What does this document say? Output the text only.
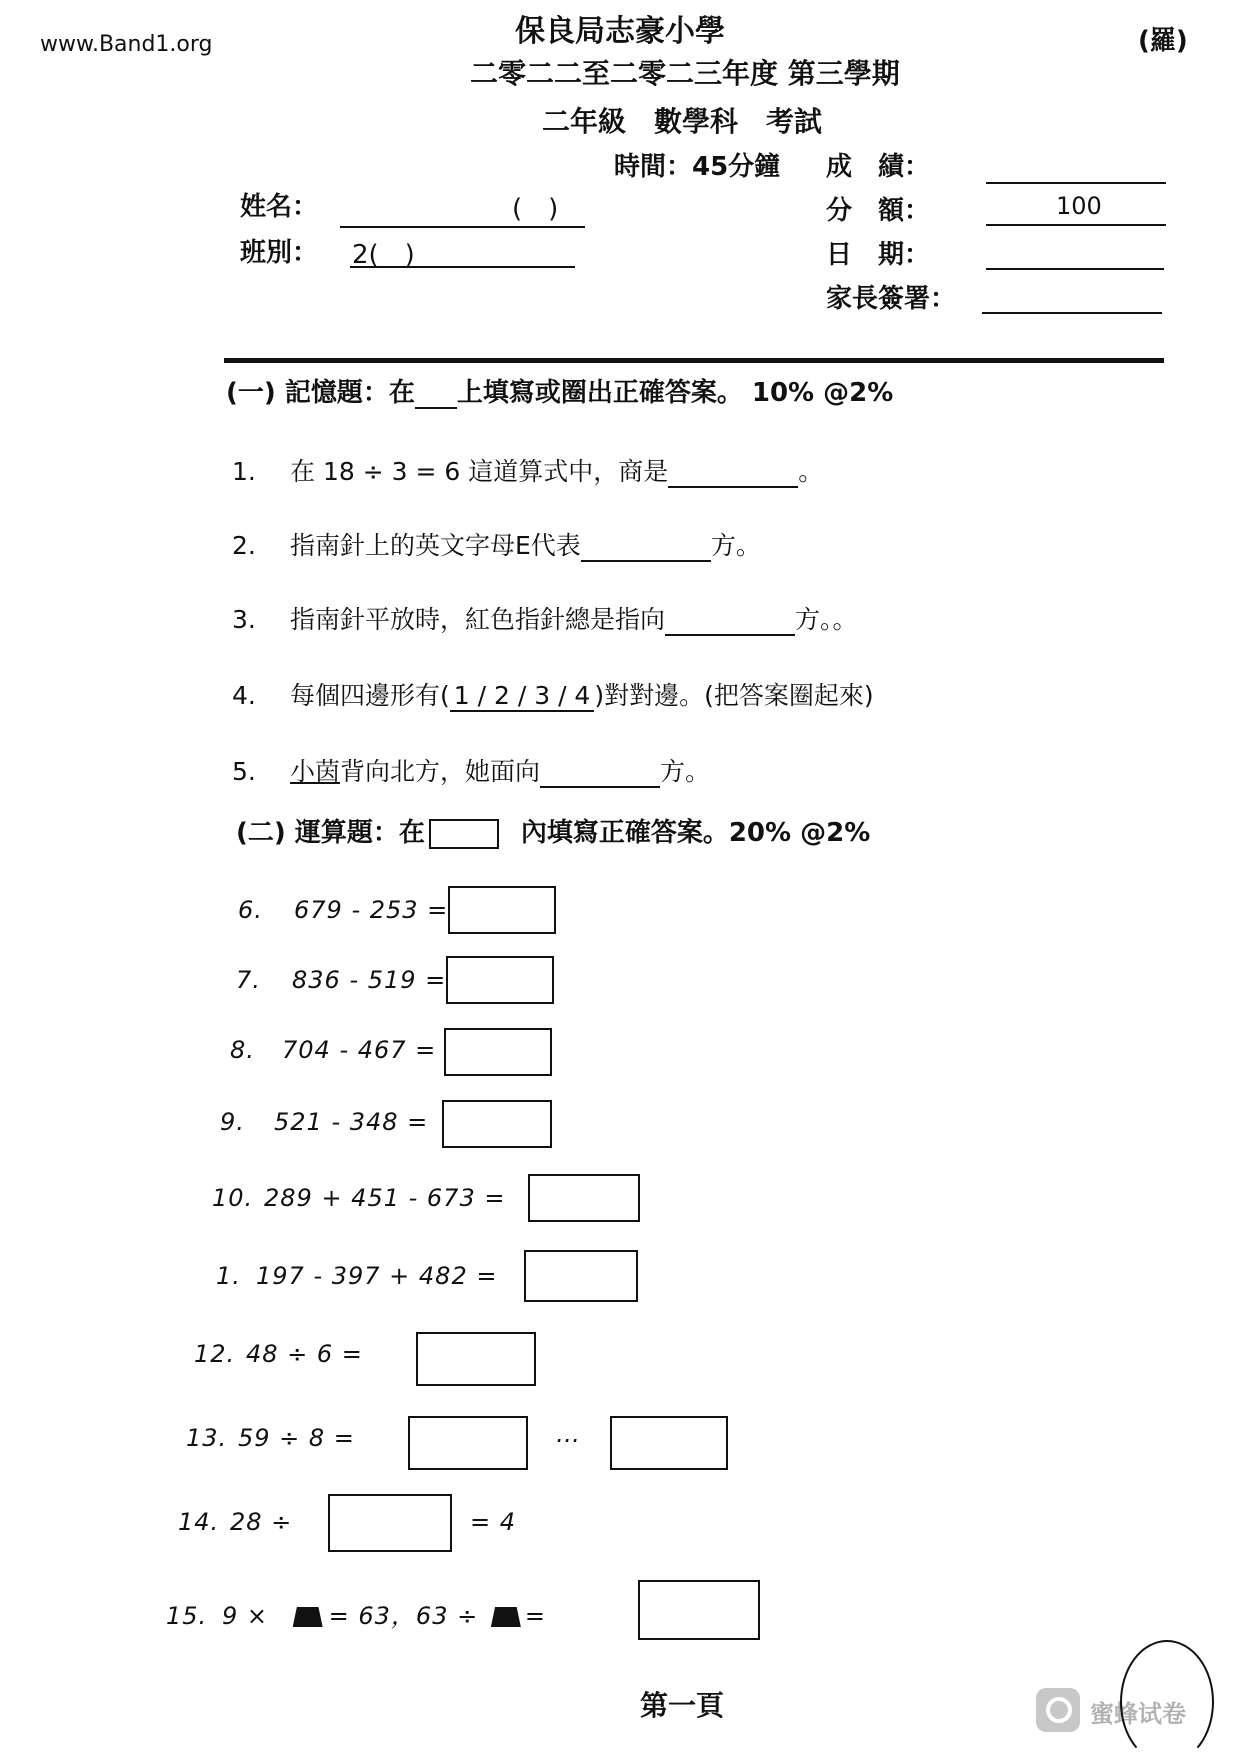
www.Band1.org	保良局志豪小學
二零二二至二零二三年度 第三學期
二年級　數學科　考試
時間：45分鐘
(羅)
姓名：	(　)
班別： 2(　)
成　績：
分　額：	100
日　期：
家長簽署：
(一) 記憶題：在 上填寫或圈出正確答案。 10% @2%
1. 在 18 ÷ 3 = 6 這道算式中，商是	。
2. 指南針上的英文字母E代表	方。
3. 指南針平放時，紅色指針總是指向	方。。
4. 每個四邊形有( 1 / 2 / 3 / 4 )對對邊。(把答案圈起來)
5. 小茵背向北方，她面向	方。
(二) 運算題：在	內填寫正確答案。20% @2%
6. 679 - 253 =
7. 836 - 519 =
8. 704 - 467 =
9. 521 - 348 =
10. 289 + 451 - 673 =
1. 197 - 397 + 482 =
12. 48 ÷ 6 =
13. 59 ÷ 8 =	…
14. 28 ÷	= 4
15. 9 ×	= 63，63 ÷ =
第一頁	蜜蜂试卷
